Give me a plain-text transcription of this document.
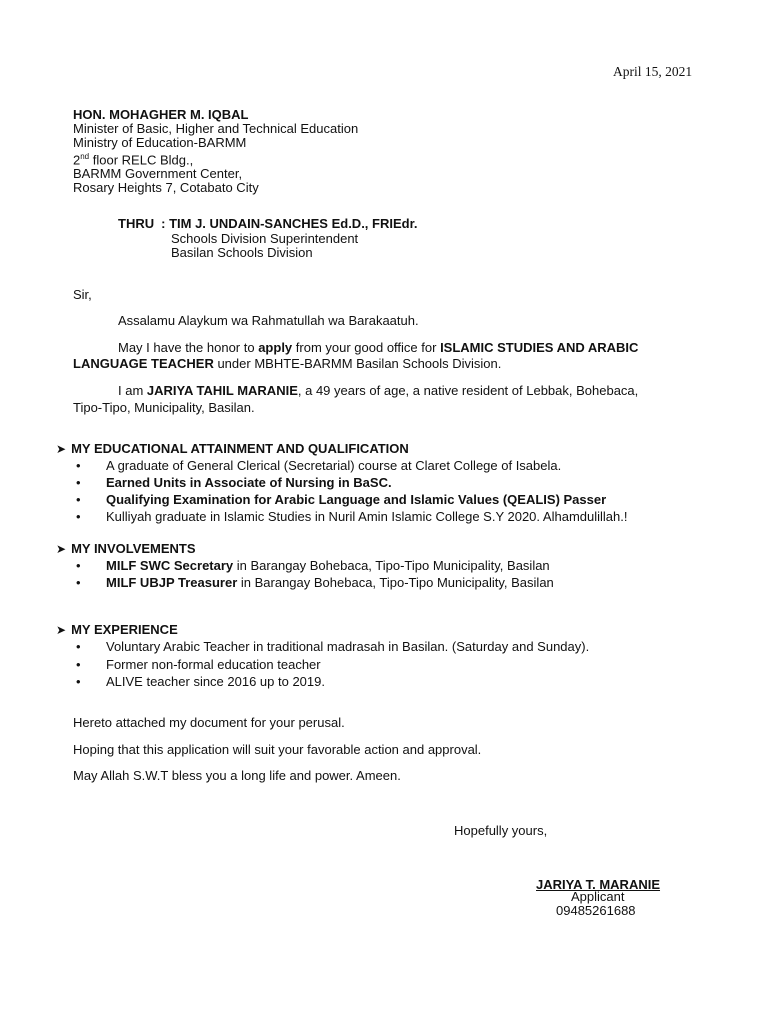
April 15, 2021
HON. MOHAGHER M. IQBAL
Minister of Basic, Higher and Technical Education
Ministry of Education-BARMM
2nd floor RELC Bldg.,
BARMM Government Center,
Rosary Heights 7, Cotabato City
THRU : TIM J. UNDAIN-SANCHES Ed.D., FRIEdr.
Schools Division Superintendent
Basilan Schools Division
Sir,
Assalamu Alaykum wa Rahmatullah wa Barakaatuh.
May I have the honor to apply from your good office for ISLAMIC STUDIES AND ARABIC
LANGUAGE TEACHER under MBHTE-BARMM Basilan Schools Division.
I am JARIYA TAHIL MARANIE, a 49 years of age, a native resident of Lebbak, Bohebaca,
Tipo-Tipo, Municipality, Basilan.
➤ MY EDUCATIONAL ATTAINMENT AND QUALIFICATION
• A graduate of General Clerical (Secretarial) course at Claret College of Isabela.
• Earned Units in Associate of Nursing in BaSC.
• Qualifying Examination for Arabic Language and Islamic Values (QEALIS) Passer
• Kulliyah graduate in Islamic Studies in Nuril Amin Islamic College S.Y 2020. Alhamdulillah.!
➤ MY INVOLVEMENTS
• MILF SWC Secretary in Barangay Bohebaca, Tipo-Tipo Municipality, Basilan
• MILF UBJP Treasurer in Barangay Bohebaca, Tipo-Tipo Municipality, Basilan
➤ MY EXPERIENCE
• Voluntary Arabic Teacher in traditional madrasah in Basilan. (Saturday and Sunday).
• Former non-formal education teacher
• ALIVE teacher since 2016 up to 2019.
Hereto attached my document for your perusal.
Hoping that this application will suit your favorable action and approval.
May Allah S.W.T bless you a long life and power. Ameen.
Hopefully yours,
JARIYA T. MARANIE
Applicant
09485261688
